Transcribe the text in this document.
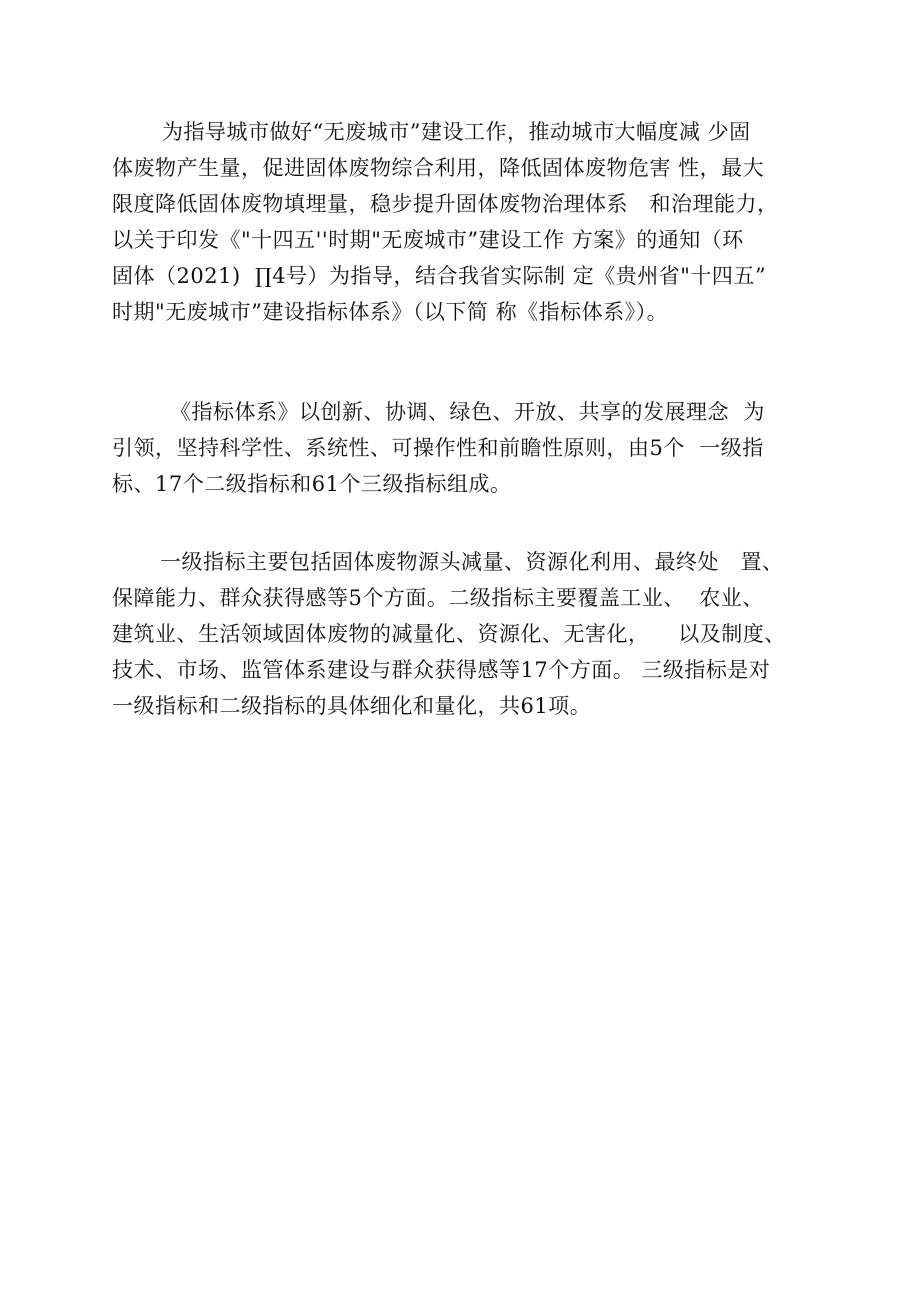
为指导城市做好“无废城市”建设工作，推动城市大幅度减 少固
体废物产生量，促进固体废物综合利用，降低固体废物危害 性，最大
限度降低固体废物填埋量，稳步提升固体废物治理体系   和治理能力，
以关于印发《"十四五''时期"无废城市”建设工作 方案》的通知（环
固体（2021)  ∏4号）为指导，结合我省实际制 定《贵州省"十四五”
时期"无废城市”建设指标体系》（以下简 称《指标体系》）。
《指标体系》以创新、协调、绿色、开放、共享的发展理念  为
引领，坚持科学性、系统性、可操作性和前瞻性原则，由5个  一级指
标、17个二级指标和61个三级指标组成。
一级指标主要包括固体废物源头减量、资源化利用、最终处   置、
保障能力、群众获得感等5个方面。二级指标主要覆盖工业、  农业、
建筑业、生活领域固体废物的减量化、资源化、无害化，    以及制度、
技术、市场、监管体系建设与群众获得感等17个方面。 三级指标是对
一级指标和二级指标的具体细化和量化，共61项。
